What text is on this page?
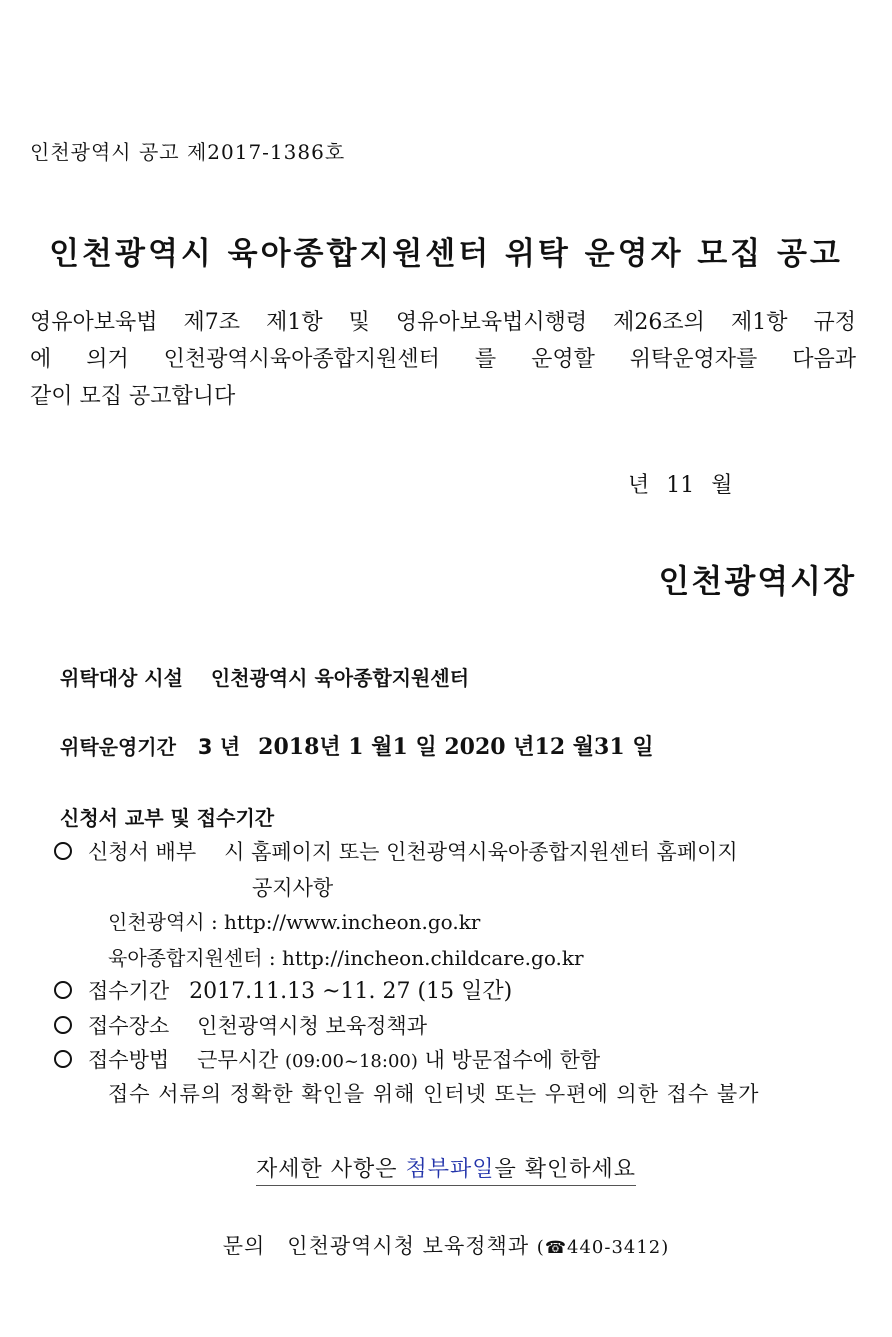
인천광역시 공고 제2017-1386호
인천광역시 육아종합지원센터 위탁 운영자 모집 공고

영유아보육법 제7조 제1항 및 영유아보육법시행령 제26조의 제1항 규정

에 의거 인천광역시육아종합지원센터 를 운영할 위탁운영자를 다음과

같이 모집 공고합니다

년 11 월
인천광역시장
위탁대상 시설 인천광역시 육아종합지원센터
위탁운영기간 3 년 2018년 1 월1 일 2020 년12 월31 일
신청서 교부 및 접수기간
신청서 배부 시 홈페이지 또는 인천광역시육아종합지원센터 홈페이지
공지사항
인천광역시 : http://www.incheon.go.kr
육아종합지원센터 : http://incheon.childcare.go.kr
접수기간 2017.11.13 ~11. 27 (15 일간)
접수장소 인천광역시청 보육정책과
접수방법 근무시간 (09:00~18:00) 내 방문접수에 한함
접수 서류의 정확한 확인을 위해 인터넷 또는 우편에 의한 접수 불가
자세한 사항은 첨부파일을 확인하세요
문의 인천광역시청 보육정책과 (☎440-3412)
